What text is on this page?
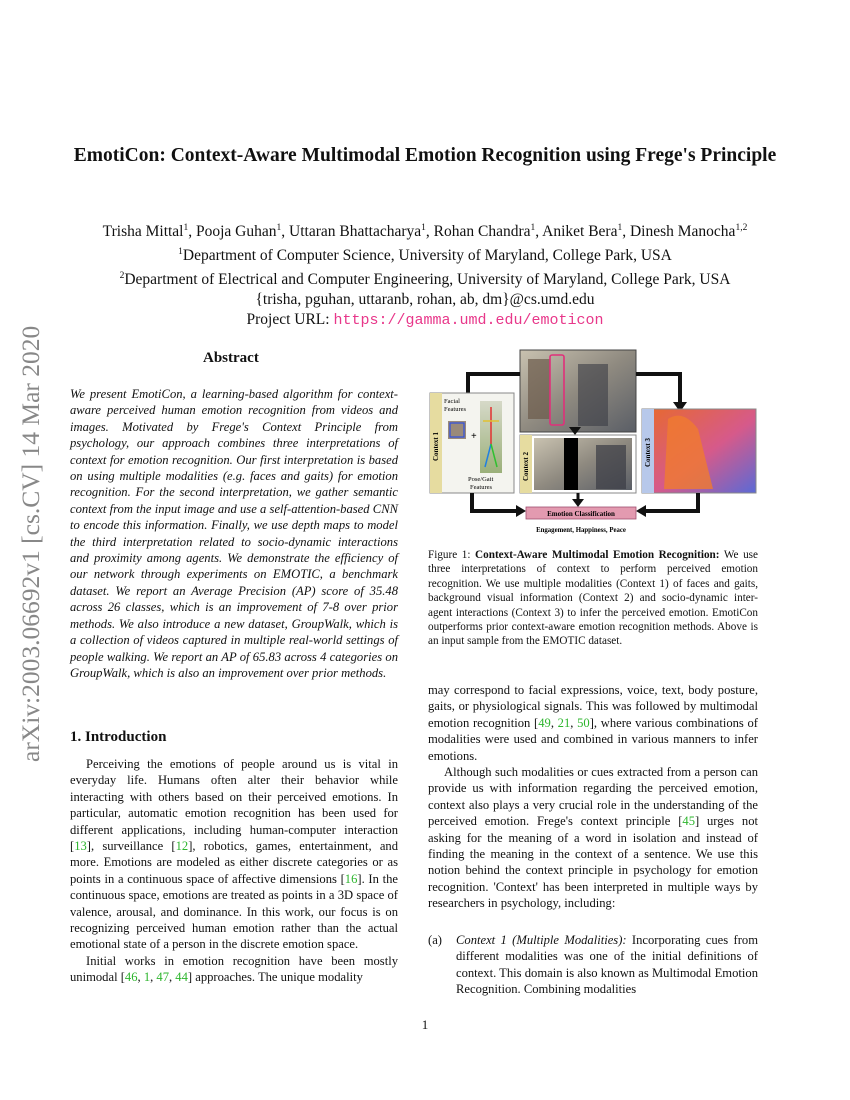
EmotiCon: Context-Aware Multimodal Emotion Recognition using Frege's Principle
Trisha Mittal$^1$, Pooja Guhan$^1$, Uttaran Bhattacharya$^1$, Rohan Chandra$^1$, Aniket Bera$^1$, Dinesh Manocha$^{1,2}$
$^1$Department of Computer Science, University of Maryland, College Park, USA
$^2$Department of Electrical and Computer Engineering, University of Maryland, College Park, USA
{trisha, pguhan, uttaranb, rohan, ab, dm}@cs.umd.edu
Project URL: https://gamma.umd.edu/emoticon
arXiv:2003.06692v1 [cs.CV] 14 Mar 2020	Abstract
We present EmotiCon, a learning-based algorithm for context-aware perceived human emotion recognition from videos and images. Motivated by Frege's Context Principle from psychology, our approach combines three interpretations of context for emotion recognition. Our first interpretation is based on using multiple modalities (e.g. faces and gaits) for emotion recognition. For the second interpretation, we gather semantic context from the input image and use a self-attention-based CNN to encode this information. Finally, we use depth maps to model the third interpretation related to socio-dynamic interactions and proximity among agents. We demonstrate the efficiency of our network through experiments on EMOTIC, a benchmark dataset. We report an Average Precision (AP) score of 35.48 across 26 classes, which is an improvement of 7-8 over prior methods. We also introduce a new dataset, GroupWalk, which is a collection of videos captured in multiple real-world settings of people walking. We report an AP of 65.83 across 4 categories on GroupWalk, which is also an improvement over prior methods.
1. Introduction

Perceiving the emotions of people around us is vital in everyday life. Humans often alter their behavior while interacting with others based on their perceived emotions. In particular, automatic emotion recognition has been used for different applications, including human-computer interaction [13], surveillance [12], robotics, games, entertainment, and more. Emotions are modeled as either discrete categories or as points in a continuous space of affective dimensions [16]. In the continuous space, emotions are treated as points in a 3D space of valence, arousal, and dominance. In this work, our focus is on recognizing perceived human emotion rather than the actual emotional state of a person in the discrete emotion space.

Initial works in emotion recognition have been mostly unimodal [46, 1, 47, 44] approaches. The unique modality

Context 1
Facial
Features
+
Pose/Gait
Features
Context 2	Context 3
Emotion Classification
Engagement, Happiness, Peace
Figure 1: Context-Aware Multimodal Emotion Recognition: We use three interpretations of context to perform perceived emotion recognition. We use multiple modalities (Context 1) of faces and gaits, background visual information (Context 2) and socio-dynamic inter-agent interactions (Context 3) to infer the perceived emotion. EmotiCon outperforms prior context-aware emotion recognition methods. Above is an input sample from the EMOTIC dataset.

may correspond to facial expressions, voice, text, body posture, gaits, or physiological signals. This was followed by multimodal emotion recognition [49, 21, 50], where various combinations of modalities were used and combined in various manners to infer emotions.

Although such modalities or cues extracted from a person can provide us with information regarding the perceived emotion, context also plays a very crucial role in the understanding of the perceived emotion. Frege's context principle [45] urges not asking for the meaning of a word in isolation and instead of finding the meaning in the context of a sentence. We use this notion behind the context principle in psychology for emotion recognition. 'Context' has been interpreted in multiple ways by researchers in psychology, including:

(a) Context 1 (Multiple Modalities): Incorporating cues from different modalities was one of the initial definitions of context. This domain is also known as Multimodal Emotion Recognition. Combining modalities
1
